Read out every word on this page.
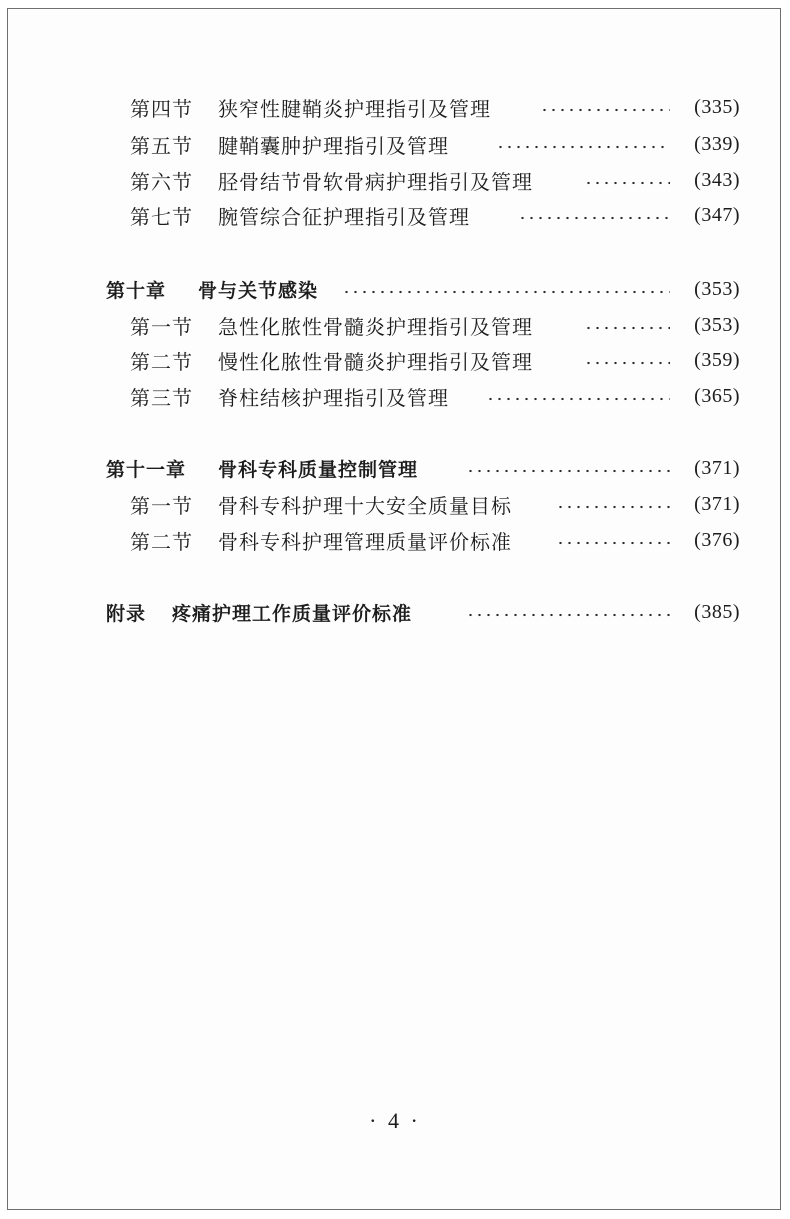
第四节 狭窄性腱鞘炎护理指引及管理	(335)
第五节 腱鞘囊肿护理指引及管理	(339)
第六节 胫骨结节骨软骨病护理指引及管理	(343)
第七节 腕管综合征护理指引及管理	(347)
第十章 骨与关节感染	(353)
第一节 急性化脓性骨髓炎护理指引及管理	(353)
第二节 慢性化脓性骨髓炎护理指引及管理	(359)
第三节 脊柱结核护理指引及管理	(365)
第十一章 骨科专科质量控制管理	(371)
第一节 骨科专科护理十大安全质量目标	(371)
第二节 骨科专科护理管理质量评价标准	(376)
附录 疼痛护理工作质量评价标准	(385)
· 4 ·
